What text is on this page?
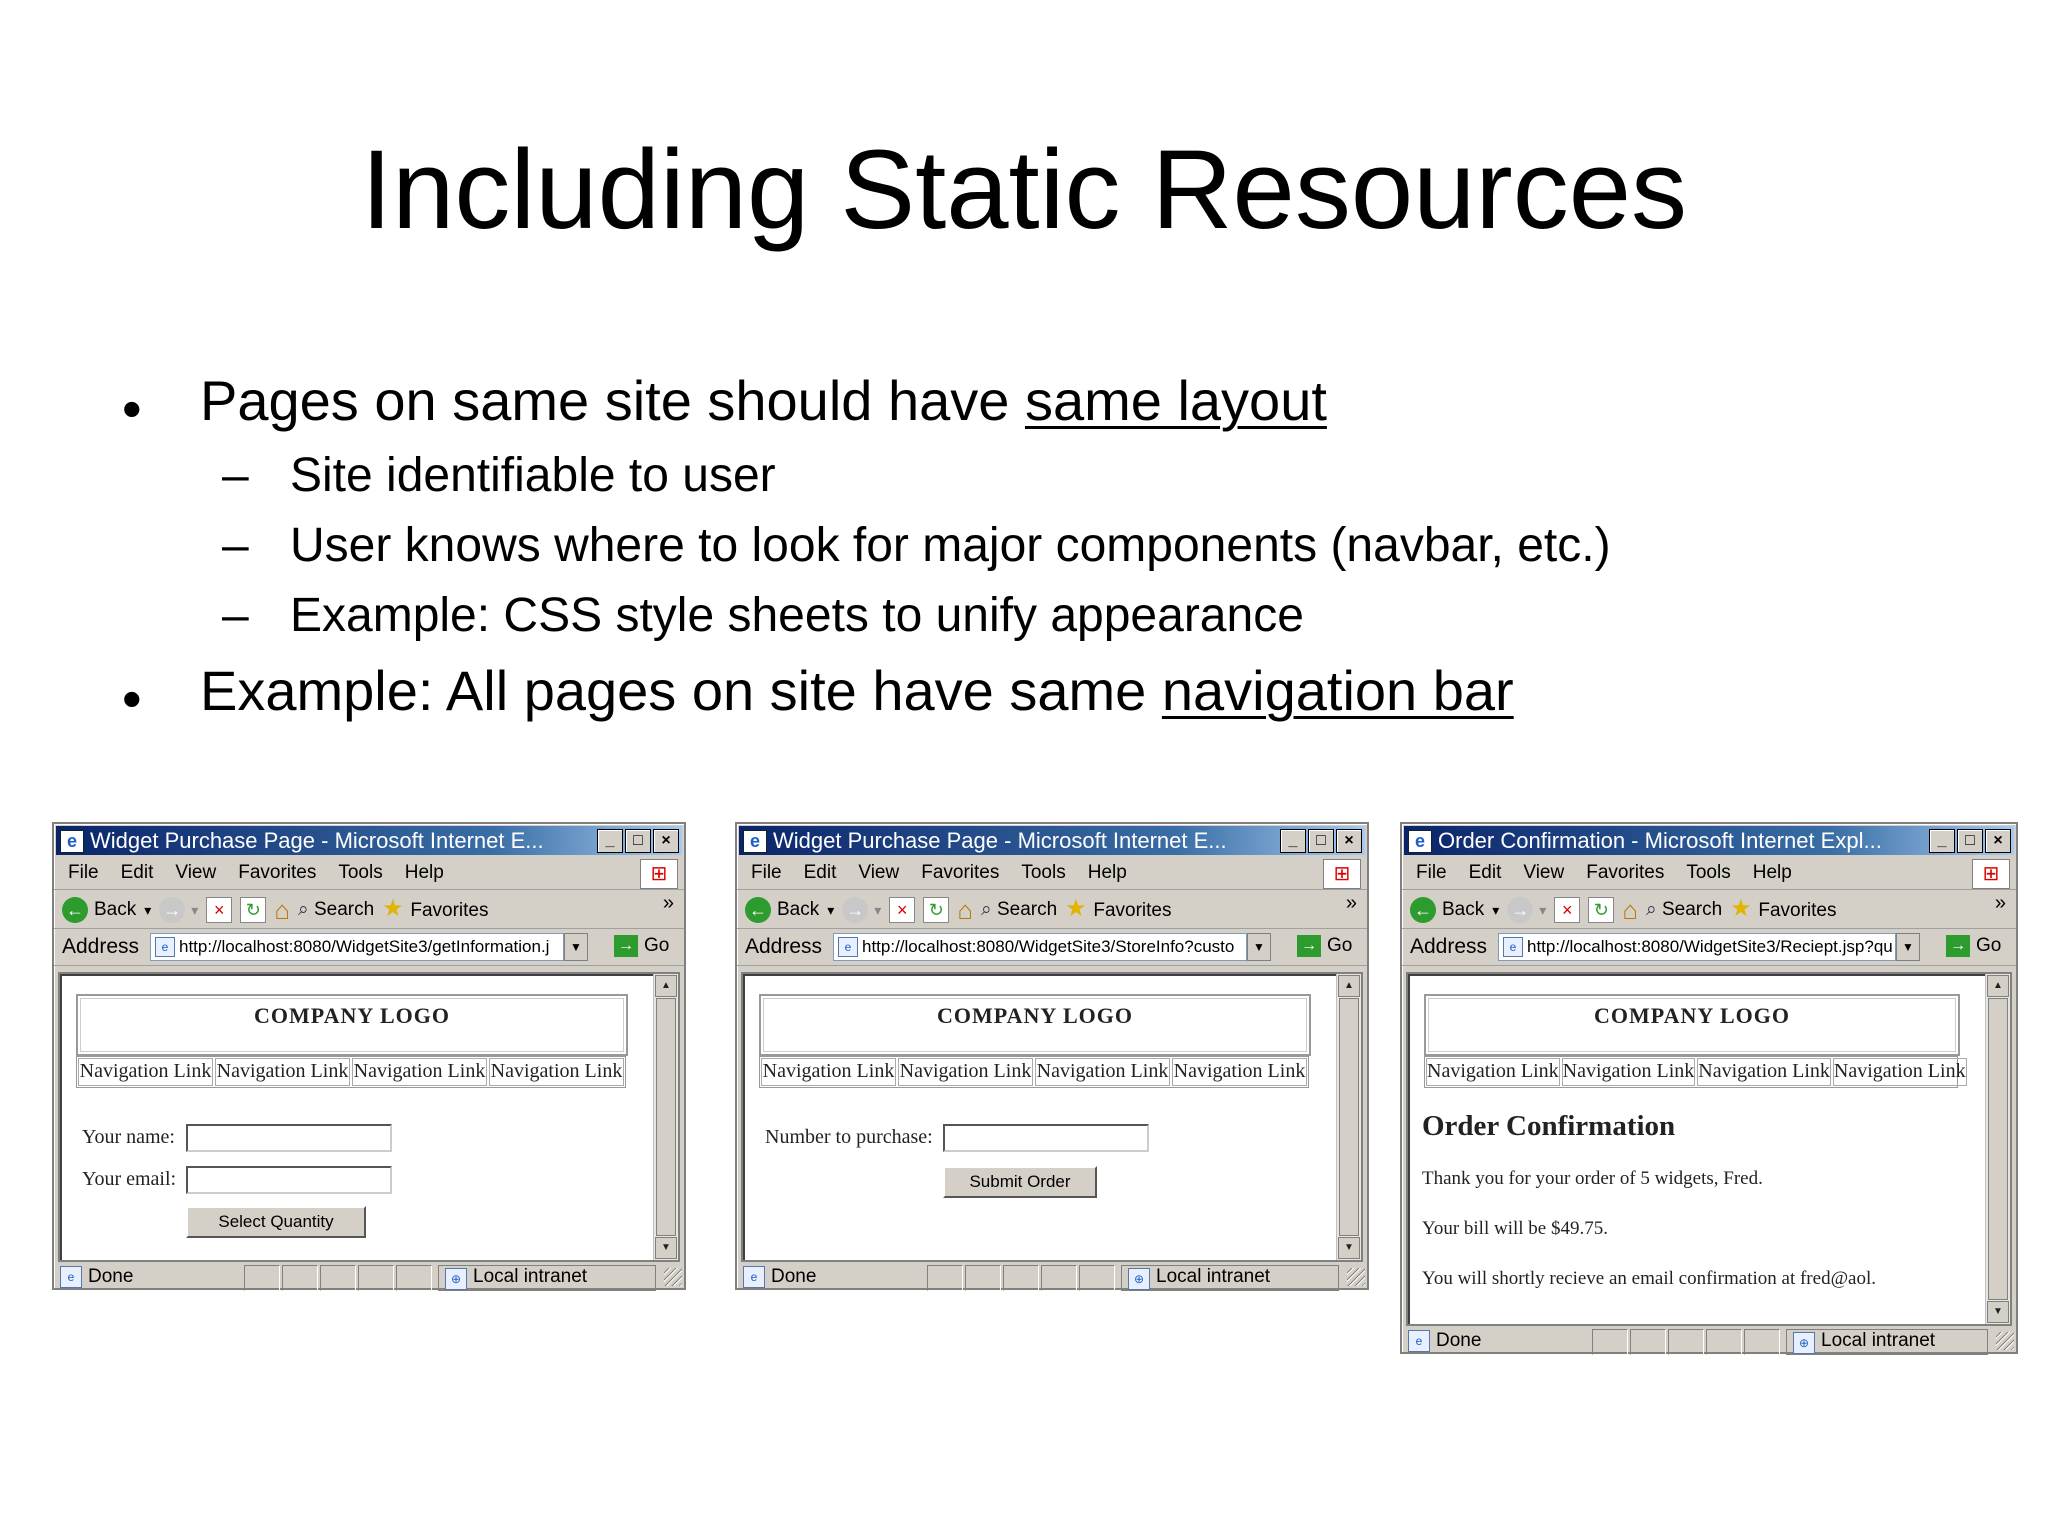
Including Static Resources
• Pages on same site should have same layout
– Site identifiable to user
– User knows where to look for major components (navbar, etc.)
– Example: CSS style sheets to unify appearance
• Example: All pages on site have same navigation bar
e Widget Purchase Page - Microsoft Internet E...	_	□	×
File Edit View Favorites Tools Help	⊞
← Back ▾ → ▾ × ↻ ⌂ ⌕ Search ★ Favorites	»
Address	e http://localhost:8080/WidgetSite3/getInformation.j	▼	→ Go
▲
▼
COMPANY LOGO
Navigation Link Navigation Link Navigation Link Navigation Link
Your name:
Your email:
Select Quantity
e Done	⊕ Local intranet
e Widget Purchase Page - Microsoft Internet E...	_	□	×
File Edit View Favorites Tools Help	⊞
← Back ▾ → ▾ × ↻ ⌂ ⌕ Search ★ Favorites	»
Address	e http://localhost:8080/WidgetSite3/StoreInfo?custo	▼	→ Go
▲
▼
COMPANY LOGO
Navigation Link Navigation Link Navigation Link Navigation Link
Number to purchase:
Submit Order
e Done	⊕ Local intranet
e Order Confirmation - Microsoft Internet Expl...	_	□	×
File Edit View Favorites Tools Help	⊞
← Back ▾ → ▾ × ↻ ⌂ ⌕ Search ★ Favorites	»
Address	e http://localhost:8080/WidgetSite3/Reciept.jsp?qu ▼	→ Go
▲
▼
COMPANY LOGO
Navigation Link Navigation Link Navigation Link Navigation Link
Order Confirmation
Thank you for your order of 5 widgets, Fred.
Your bill will be $49.75.
You will shortly recieve an email confirmation at fred@aol.
e Done	⊕ Local intranet
